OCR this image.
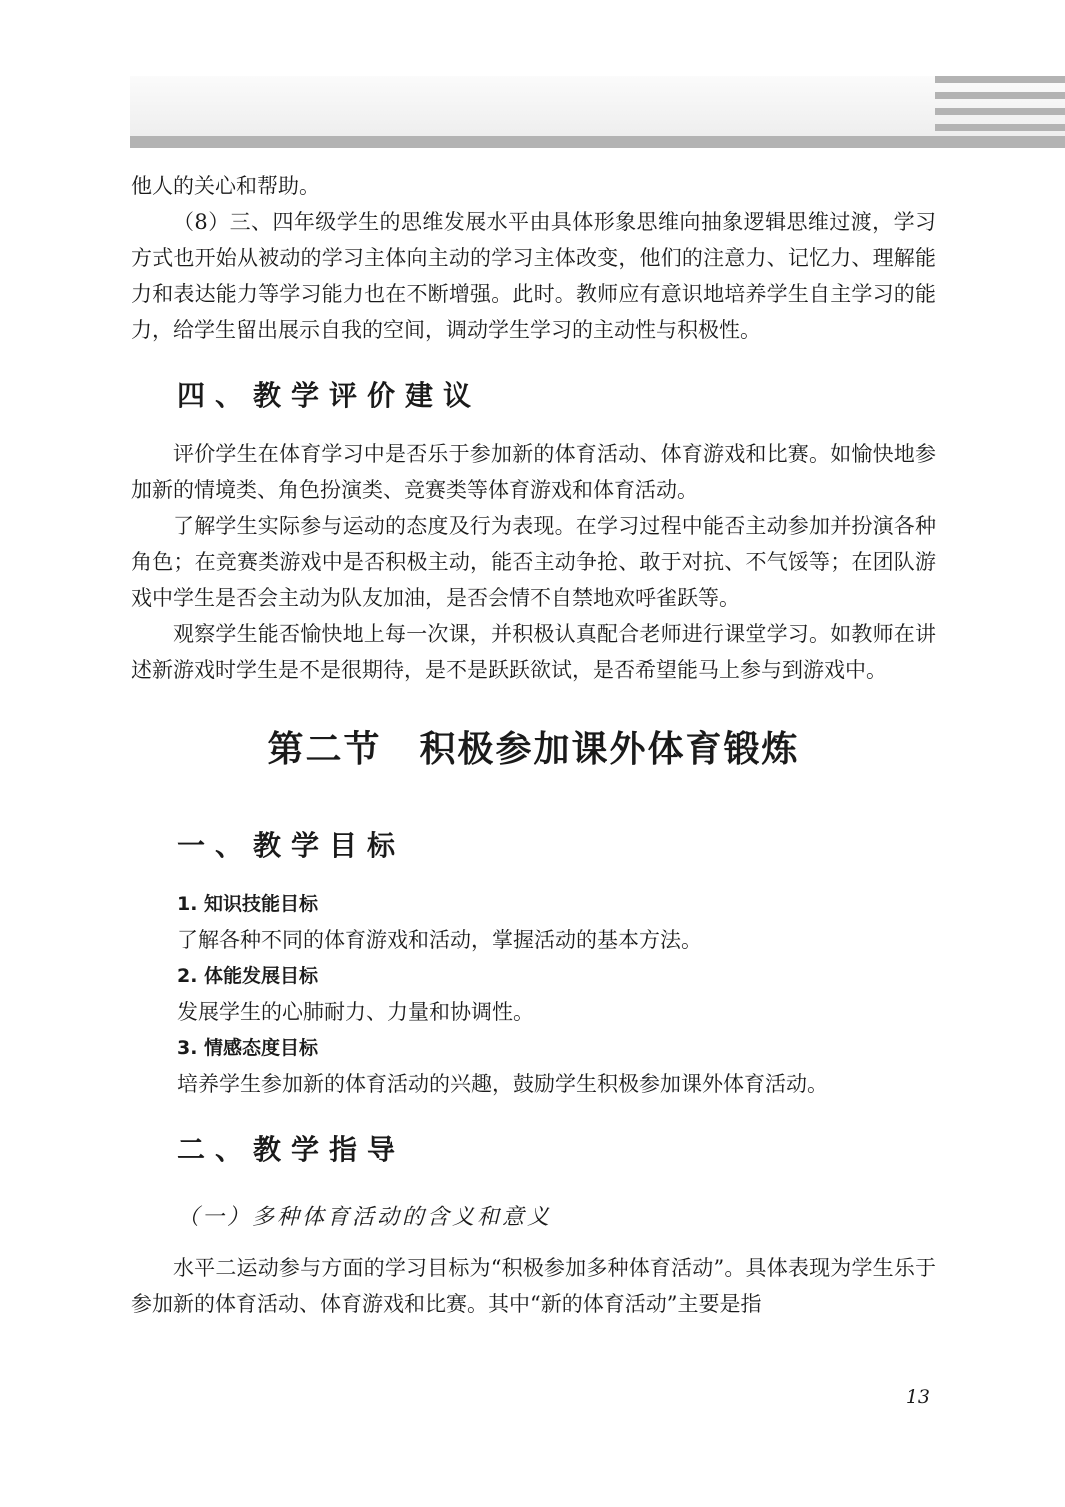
他人的关心和帮助。

（8）三、四年级学生的思维发展水平由具体形象思维向抽象逻辑思维过渡，学习方式也开始从被动的学习主体向主动的学习主体改变，他们的注意力、记忆力、理解能力和表达能力等学习能力也在不断增强。此时。教师应有意识地培养学生自主学习的能力，给学生留出展示自我的空间，调动学生学习的主动性与积极性。

四、教学评价建议

评价学生在体育学习中是否乐于参加新的体育活动、体育游戏和比赛。如愉快地参加新的情境类、角色扮演类、竞赛类等体育游戏和体育活动。

了解学生实际参与运动的态度及行为表现。在学习过程中能否主动参加并扮演各种角色；在竞赛类游戏中是否积极主动，能否主动争抢、敢于对抗、不气馁等；在团队游戏中学生是否会主动为队友加油，是否会情不自禁地欢呼雀跃等。

观察学生能否愉快地上每一次课，并积极认真配合老师进行课堂学习。如教师在讲述新游戏时学生是不是很期待，是不是跃跃欲试，是否希望能马上参与到游戏中。

第二节　积极参加课外体育锻炼
一、教学目标
1. 知识技能目标

了解各种不同的体育游戏和活动，掌握活动的基本方法。

2. 体能发展目标

发展学生的心肺耐力、力量和协调性。

3. 情感态度目标

培养学生参加新的体育活动的兴趣，鼓励学生积极参加课外体育活动。

二、教学指导
（一）多种体育活动的含义和意义

水平二运动参与方面的学习目标为“积极参加多种体育活动”。具体表现为学生乐于参加新的体育活动、体育游戏和比赛。其中“新的体育活动”主要是指

13
